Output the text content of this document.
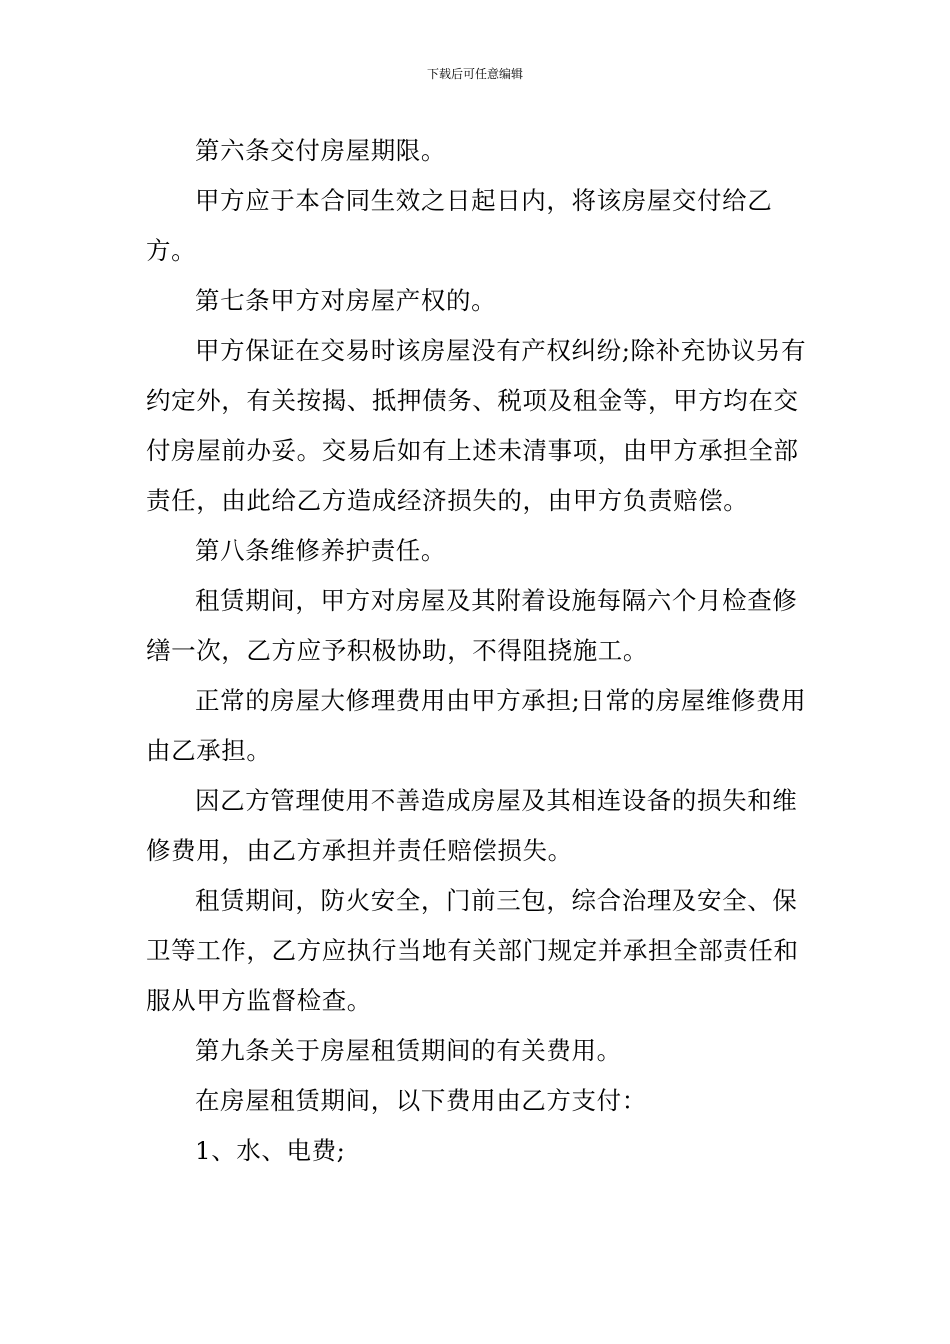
下载后可任意编辑

第六条交付房屋期限。

甲方应于本合同生效之日起日内，将该房屋交付给乙方。

第七条甲方对房屋产权的。

甲方保证在交易时该房屋没有产权纠纷;除补充协议另有约定外，有关按揭、抵押债务、税项及租金等，甲方均在交付房屋前办妥。交易后如有上述未清事项，由甲方承担全部责任，由此给乙方造成经济损失的，由甲方负责赔偿。

第八条维修养护责任。

租赁期间，甲方对房屋及其附着设施每隔六个月检查修缮一次，乙方应予积极协助，不得阻挠施工。

正常的房屋大修理费用由甲方承担;日常的房屋维修费用由乙承担。

因乙方管理使用不善造成房屋及其相连设备的损失和维修费用，由乙方承担并责任赔偿损失。

租赁期间，防火安全，门前三包，综合治理及安全、保卫等工作，乙方应执行当地有关部门规定并承担全部责任和服从甲方监督检查。

第九条关于房屋租赁期间的有关费用。

在房屋租赁期间，以下费用由乙方支付：

1、水、电费;
